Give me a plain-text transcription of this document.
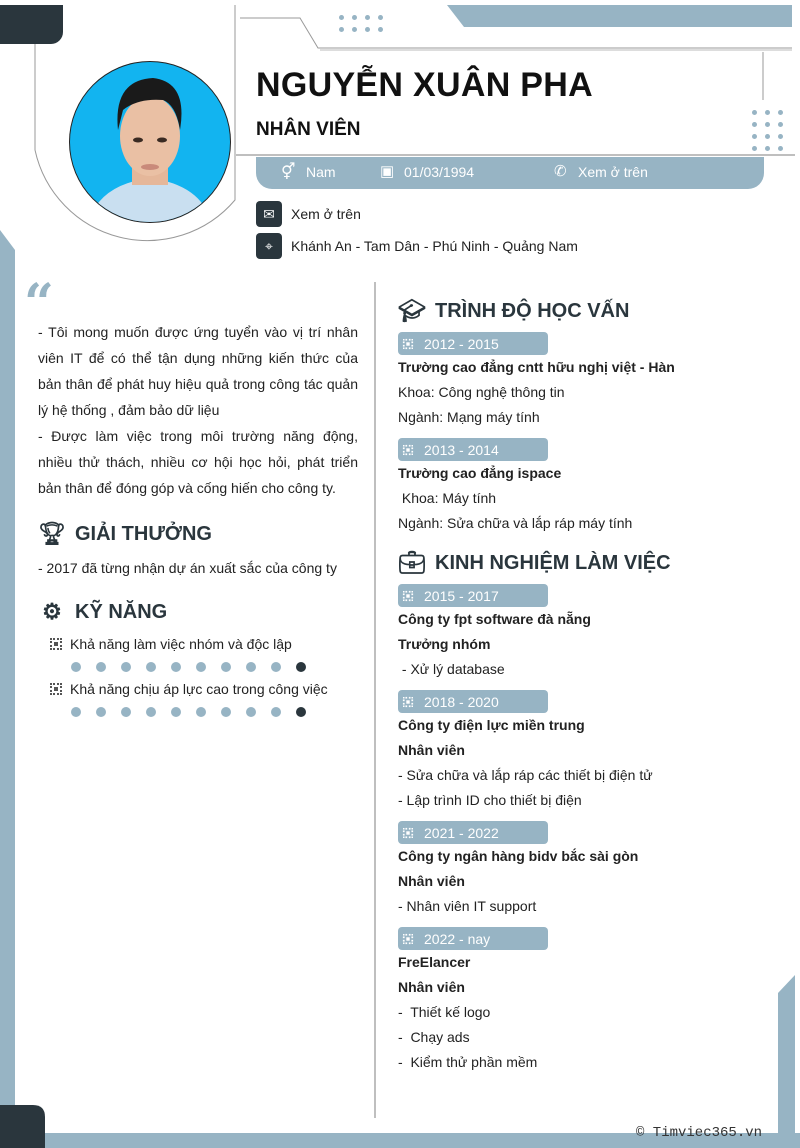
NGUYỄN XUÂN PHA
NHÂN VIÊN
⚥ Nam	▣ 01/03/1994	✆ Xem ở trên
✉	Xem ở trên
⌖	Khánh An - Tam Dân - Phú Ninh - Quảng Nam
“

- Tôi mong muốn được ứng tuyển vào vị trí nhân viên IT để có thể tận dụng những kiến thức của bản thân để phát huy hiệu quả trong công tác quản lý hệ thống , đảm bảo dữ liệu

- Được làm việc trong môi trường năng động, nhiều thử thách, nhiều cơ hội học hỏi, phát triển bản thân để đóng góp và cống hiến cho công ty.

🏆︎ GIẢI THƯỞNG

- 2017 đã từng nhận dự án xuất sắc của công ty

⚙ KỸ NĂNG
Khả năng làm việc nhóm và độc lập
Khả năng chịu áp lực cao trong công việc
🎓︎ TRÌNH ĐỘ HỌC VẤN
2012 - 2015
Trường cao đẳng cntt hữu nghị việt - Hàn
Khoa: Công nghệ thông tin
Ngành: Mạng máy tính
2013 - 2014
Trường cao đẳng ispace
Khoa: Máy tính
Ngành: Sửa chữa và lắp ráp máy tính
💼︎ KINH NGHIỆM LÀM VIỆC
2015 - 2017
Công ty fpt software đà nẵng
Trưởng nhóm
- Xử lý database
2018 - 2020
Công ty điện lực miền trung
Nhân viên
- Sửa chữa và lắp ráp các thiết bị điện tử
- Lập trình ID cho thiết bị điện
2021 - 2022
Công ty ngân hàng bidv bắc sài gòn
Nhân viên
- Nhân viên IT support
2022 - nay
FreElancer
Nhân viên
-  Thiết kế logo
-  Chạy ads
-  Kiểm thử phần mềm
© Timviec365.vn
